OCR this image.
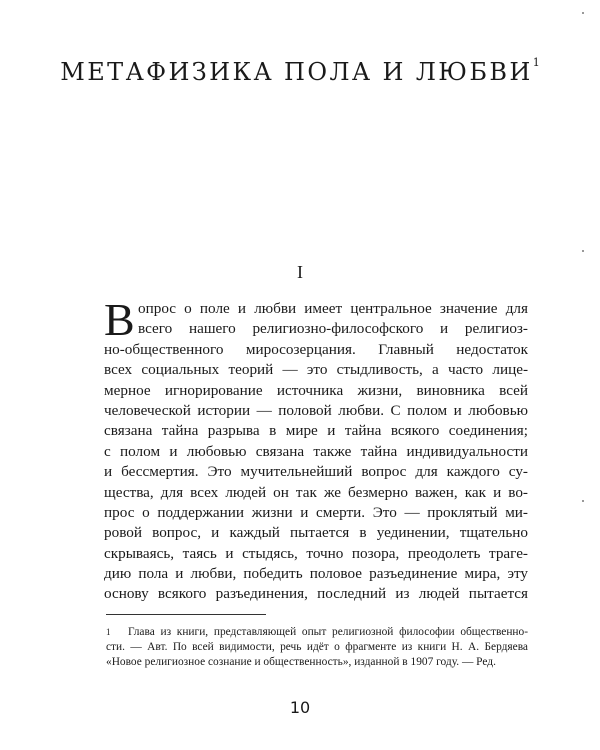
МЕТАФИЗИКА ПОЛА И ЛЮБВИ$^1$
I
В опрос о поле и любви имеет центральное значение для
всего нашего религиозно-философского и религиоз-
но-общественного миросозерцания. Главный недостаток
всех социальных теорий — это стыдливость, а часто лице-
мерное игнорирование источника жизни, виновника всей
человеческой истории — половой любви. С полом и любовью
связана тайна разрыва в мире и тайна всякого соединения;
с полом и любовью связана также тайна индивидуальности
и бессмертия. Это мучительнейший вопрос для каждого су-
щества, для всех людей он так же безмерно важен, как и во-
прос о поддержании жизни и смерти. Это — проклятый ми-
ровой вопрос, и каждый пытается в уединении, тщательно
скрываясь, таясь и стыдясь, точно позора, преодолеть траге-
дию пола и любви, победить половое разъединение мира, эту
основу всякого разъединения, последний из людей пытается
1	Глава из книги, представляющей опыт религиозной философии общественно-
сти. — Авт. По всей видимости, речь идёт о фрагменте из книги Н. А. Бердяева
«Новое религиозное сознание и общественность», изданной в 1907 году. — Ред.
10
